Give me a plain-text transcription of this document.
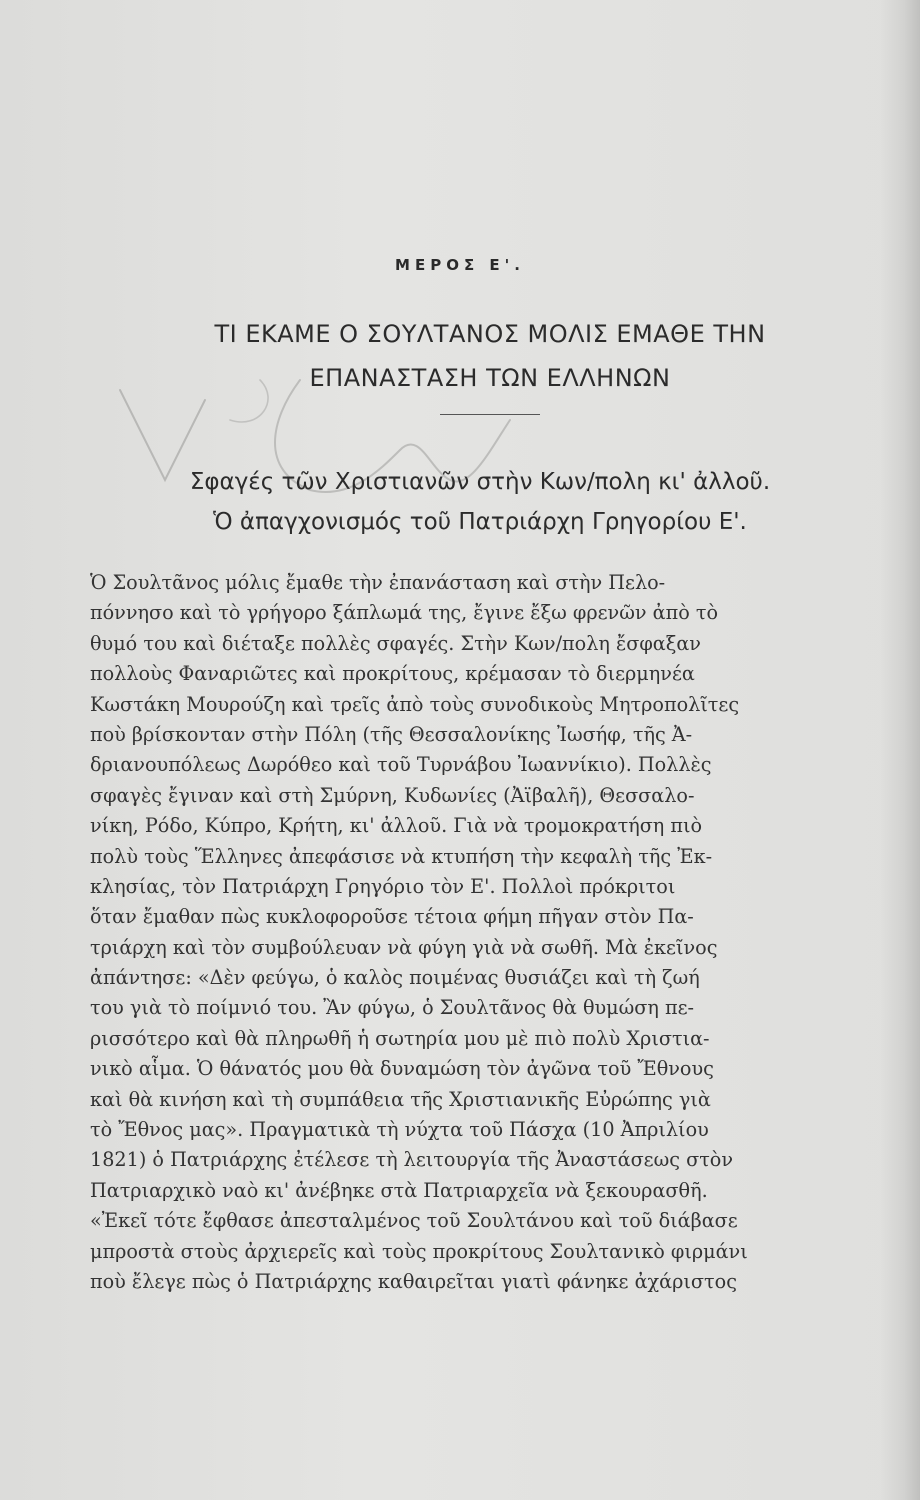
ΜΕΡΟΣ Ε'.
ΤΙ ΕΚΑΜΕ Ο ΣΟΥΛΤΑΝΟΣ ΜΟΛΙΣ ΕΜΑΘΕ ΤΗΝ
ΕΠΑΝΑΣΤΑΣΗ ΤΩΝ ΕΛΛΗΝΩΝ
Σφαγές τῶν Χριστιανῶν στὴν Κων/πολη κι' ἀλλοῦ.
Ὁ ἀπαγχονισμός τοῦ Πατριάρχη Γρηγορίου Ε'.
Ὁ Σουλτᾶνος μόλις ἔμαθε τὴν ἐπανάσταση καὶ στὴν Πελο-
πόννησο καὶ τὸ γρήγορο ξάπλωμά της, ἔγινε ἔξω φρενῶν ἀπὸ τὸ
θυμό του καὶ διέταξε πολλὲς σφαγές. Στὴν Κων/πολη ἔσφαξαν
πολλοὺς Φαναριῶτες καὶ προκρίτους, κρέμασαν τὸ διερμηνέα
Κωστάκη Μουρούζη καὶ τρεῖς ἀπὸ τοὺς συνοδικοὺς Μητροπολῖτες
ποὺ βρίσκονταν στὴν Πόλη (τῆς Θεσσαλονίκης Ἰωσήφ, τῆς Ἀ-
δριανουπόλεως Δωρόθεο καὶ τοῦ Τυρνάβου Ἰωαννίκιο). Πολλὲς
σφαγὲς ἔγιναν καὶ στὴ Σμύρνη, Κυδωνίες (Ἀϊβαλῆ), Θεσσαλο-
νίκη, Ρόδο, Κύπρο, Κρήτη, κι' ἀλλοῦ. Γιὰ νὰ τρομοκρατήση πιὸ
πολὺ τοὺς Ἕλληνες ἀπεφάσισε νὰ κτυπήση τὴν κεφαλὴ τῆς Ἐκ-
κλησίας, τὸν Πατριάρχη Γρηγόριο τὸν Ε'. Πολλοὶ πρόκριτοι
ὅταν ἔμαθαν πὼς κυκλοφοροῦσε τέτοια φήμη πῆγαν στὸν Πα-
τριάρχη καὶ τὸν συμβούλευαν νὰ φύγη γιὰ νὰ σωθῆ. Μὰ ἐκεῖνος
ἀπάντησε: «Δὲν φεύγω, ὁ καλὸς ποιμένας θυσιάζει καὶ τὴ ζωή
του γιὰ τὸ ποίμνιό του. Ἂν φύγω, ὁ Σουλτᾶνος θὰ θυμώση πε-
ρισσότερο καὶ θὰ πληρωθῆ ἡ σωτηρία μου μὲ πιὸ πολὺ Χριστια-
νικὸ αἷμα. Ὁ θάνατός μου θὰ δυναμώση τὸν ἀγῶνα τοῦ Ἔθνους
καὶ θὰ κινήση καὶ τὴ συμπάθεια τῆς Χριστιανικῆς Εὐρώπης γιὰ
τὸ Ἔθνος μας». Πραγματικὰ τὴ νύχτα τοῦ Πάσχα (10 Ἀπριλίου
1821) ὁ Πατριάρχης ἐτέλεσε τὴ λειτουργία τῆς Ἀναστάσεως στὸν
Πατριαρχικὸ ναὸ κι' ἀνέβηκε στὰ Πατριαρχεῖα νὰ ξεκουρασθῆ.
«Ἐκεῖ τότε ἔφθασε ἀπεσταλμένος τοῦ Σουλτάνου καὶ τοῦ διάβασε
μπροστὰ στοὺς ἀρχιερεῖς καὶ τοὺς προκρίτους Σουλτανικὸ φιρμάνι
ποὺ ἔλεγε πὼς ὁ Πατριάρχης καθαιρεῖται γιατὶ φάνηκε ἀχάριστος
